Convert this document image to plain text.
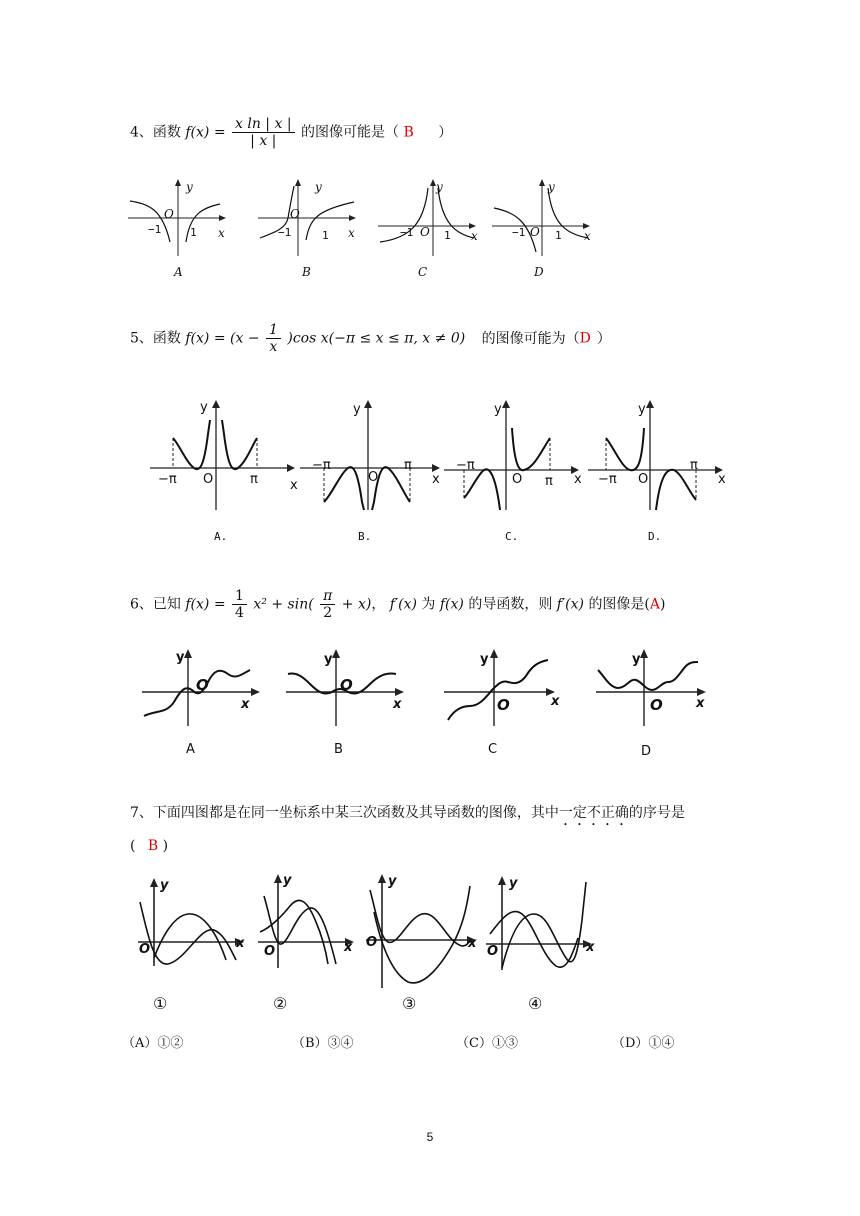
4、函数 $f(x) = \frac{\text{x ln | x |}}{| x |}$ 的图像可能是（ B ）
y
O
−1	1 x
A
y
O
−1	1 x
B
y
O
−1	1 x
C
y
O
−1	1 x
D
5、函数 $f(x) = (x - \frac{1}{x} )\cos$ x(−π ≤ x ≤ π, x ≠ 0) 的图像可能为（D ）
y
O
−π	π x
A.
y
O
−π	π
x
B.
y
O
−π
π x
C.
y
O
−π
π
x
D.
6、已知 $f(x) = \frac{1}{4} x^2 + \sin( \frac{\pi}{2} + x)$， f′(x) 为 f(x) 的导函数，则 f′(x) 的图像是(A)
y
O
x
A
y
O
x
B
y
O	x
C
y
O	x
D
7、下面四图都是在同一坐标系中某三次函数及其导函数的图像，其中一定不正确的序号是
( B )
y
O	x
①
y
O	x
②
y
O	x
③
y
O	x
④
（A）①②	（B）③④	（C）①③	（D）①④
5
